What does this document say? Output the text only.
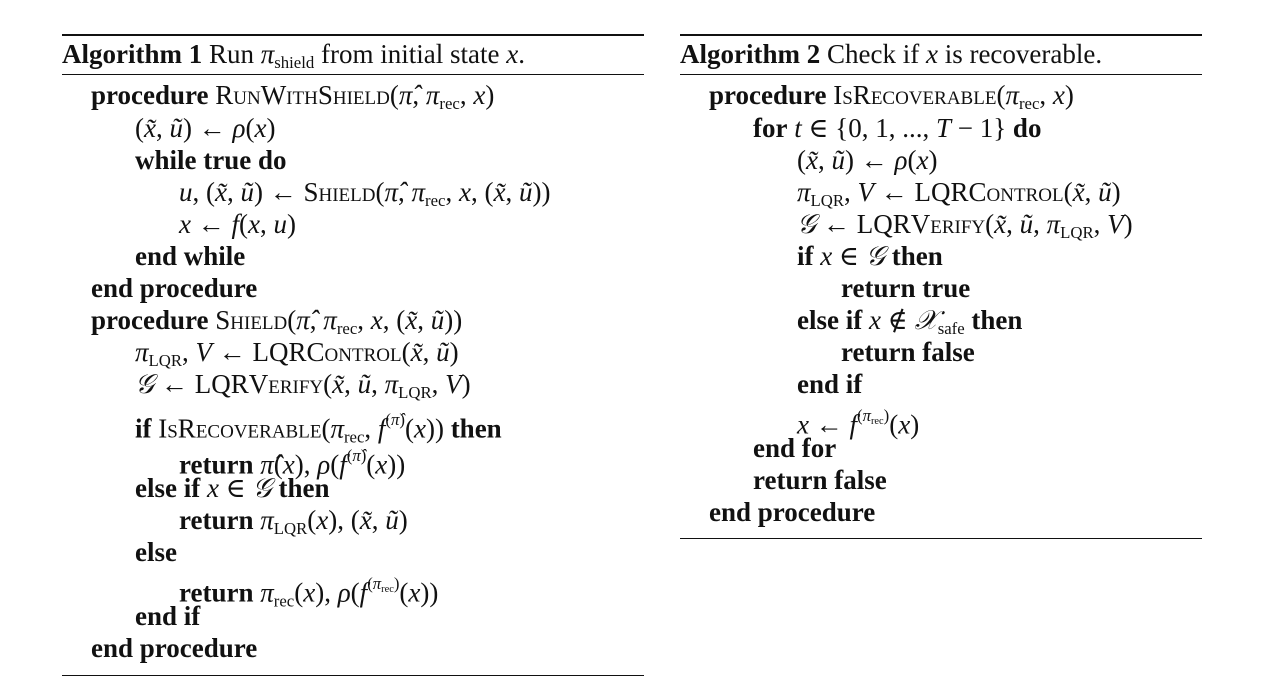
Algorithm 1 Run $\pi_{shield}$ from initial state x.
procedure RunWithShield(π̂, $\pi_{rec}$, x)
(x̃, ũ) ← ρ(x)
while true do
u, (x̃, ũ) ← Shield(π̂, $\pi_{rec}$, x, (x̃, ũ))
x ← f(x, u)
end while
end procedure
procedure Shield(π̂, $\pi_{rec}$, x, (x̃, ũ))
$\pi_{LQR}$, V ← LQRControl(x̃, ũ)
𝒢 ← LQRVerify(x̃, ũ, $\pi_{LQR}$, V)
if $IsRecoverable(\pi_{rec}$, $f^{(\pî)}(x)$) then
return π̂(x), $\rho(f^{(\pî)}(x))$
else if x ∈ 𝒢 then
return $\pi_{LQR}(x)$, (x̃, ũ)
else
return $\pi_{rec}(x)$, $\rho(f^{(\pi_{rec})}(x))$
end if
end procedure
Algorithm 2 Check if x is recoverable.
procedure $IsRecoverable(\pi_{rec}$, x)
for t ∈ {0, 1, ..., T − 1} do
(x̃, ũ) ← ρ(x)
$\pi_{LQR}$, V ← LQRControl(x̃, ũ)
𝒢 ← LQRVerify(x̃, ũ, $\pi_{LQR}$, V)
if x ∈ 𝒢 then
return true
else if x ∉ 𝒳$_{safe}$ then
return false
end if
x ← $f^{(\pi_{rec})}(x)$
end for
return false
end procedure
